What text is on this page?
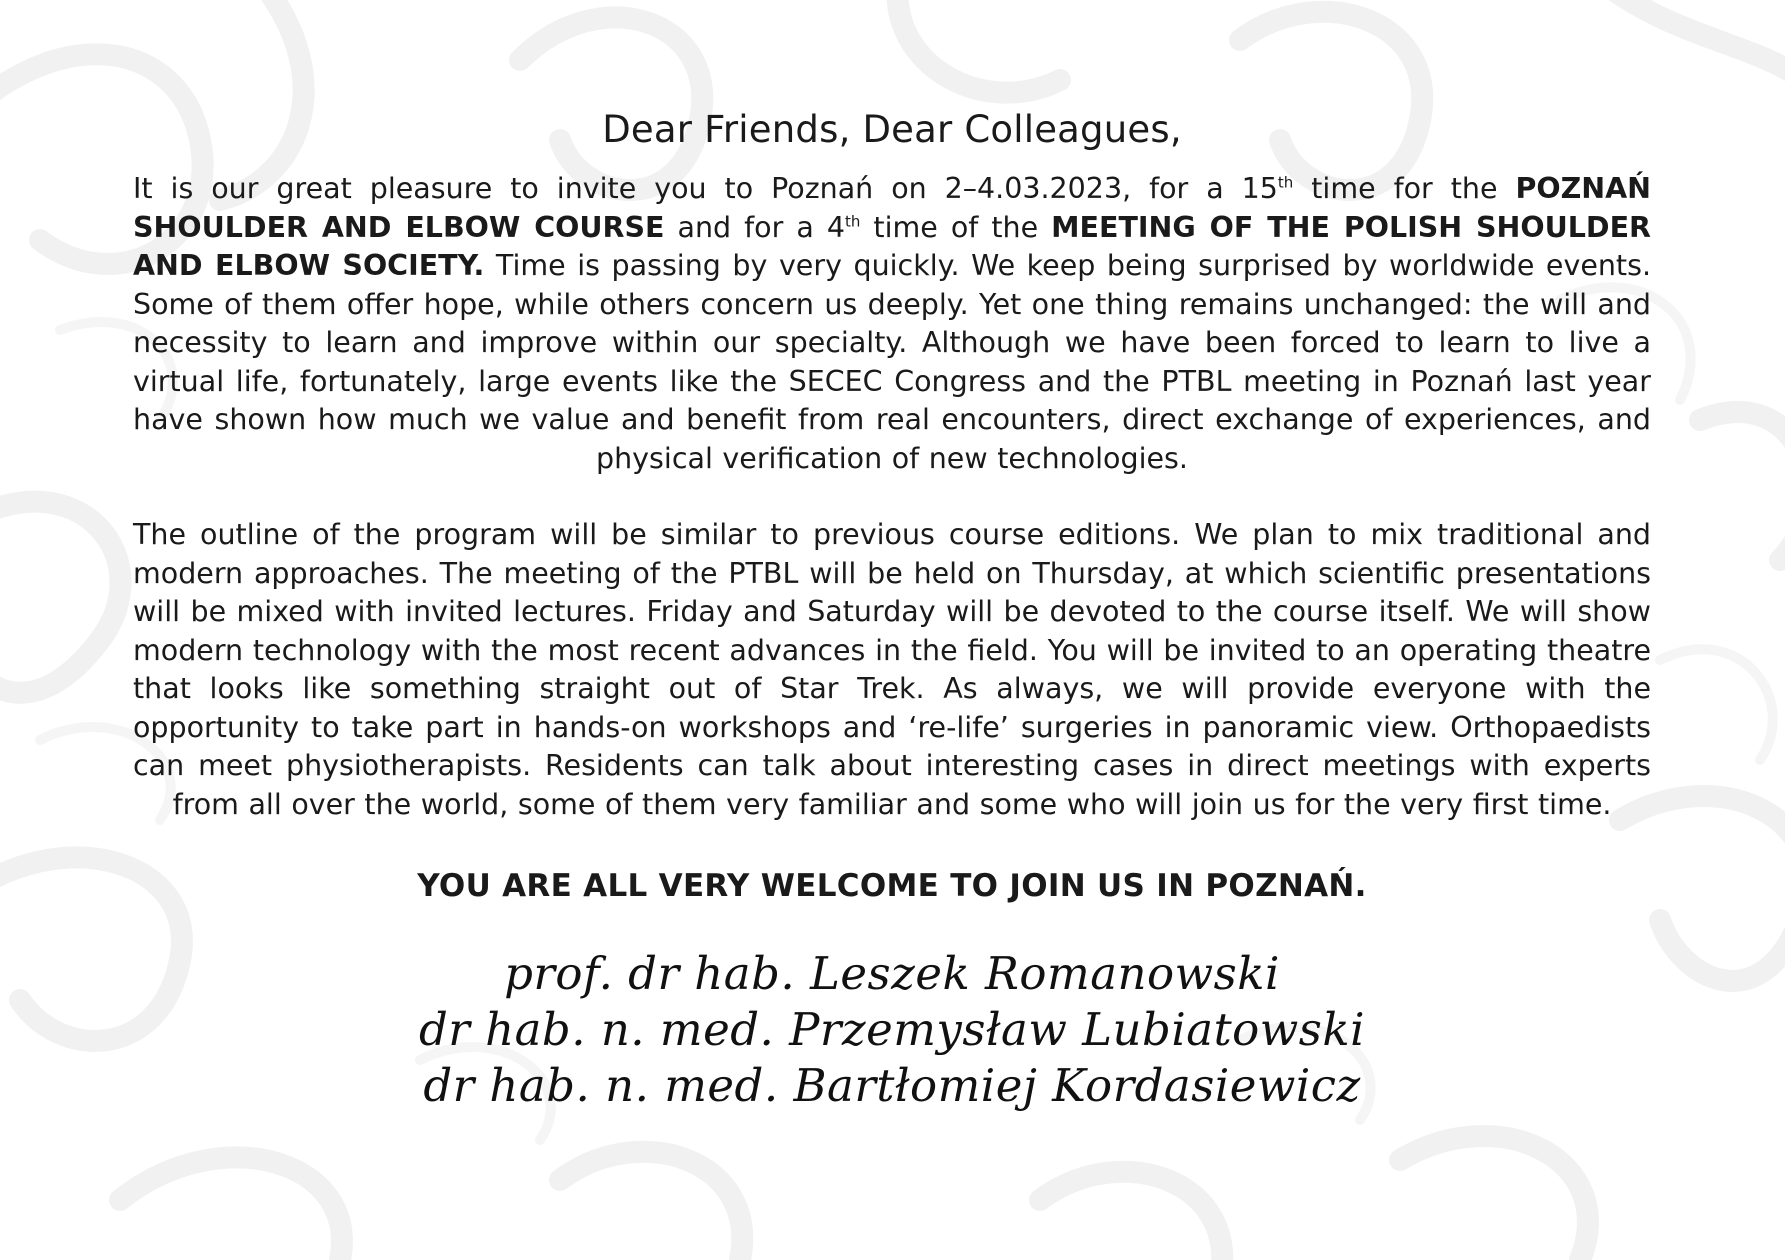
Dear Friends, Dear Colleagues,

It is our great pleasure to invite you to Poznań on 2–4.03.2023, for a 15th time for the POZNAŃ SHOULDER AND ELBOW COURSE and for a 4th time of the MEETING OF THE POLISH SHOULDER AND ELBOW SOCIETY. Time is passing by very quickly. We keep being surprised by worldwide events. Some of them offer hope, while others concern us deeply. Yet one thing remains unchanged: the will and necessity to learn and improve within our specialty. Although we have been forced to learn to live a virtual life, fortunately, large events like the SECEC Congress and the PTBL meeting in Poznań last year have shown how much we value and benefit from real encounters, direct exchange of experiences, and physical verification of new technologies.

The outline of the program will be similar to previous course editions. We plan to mix traditional and modern approaches. The meeting of the PTBL will be held on Thursday, at which scientific presentations will be mixed with invited lectures. Friday and Saturday will be devoted to the course itself. We will show modern technology with the most recent advances in the field. You will be invited to an operating theatre that looks like something straight out of Star Trek. As always, we will provide everyone with the opportunity to take part in hands-on workshops and ‘re-life’ surgeries in panoramic view. Orthopaedists can meet physiotherapists. Residents can talk about interesting cases in direct meetings with experts from all over the world, some of them very familiar and some who will join us for the very first time.

YOU ARE ALL VERY WELCOME TO JOIN US IN POZNAŃ.
prof. dr hab. Leszek Romanowski
dr hab. n. med. Przemysław Lubiatowski
dr hab. n. med. Bartłomiej Kordasiewicz
